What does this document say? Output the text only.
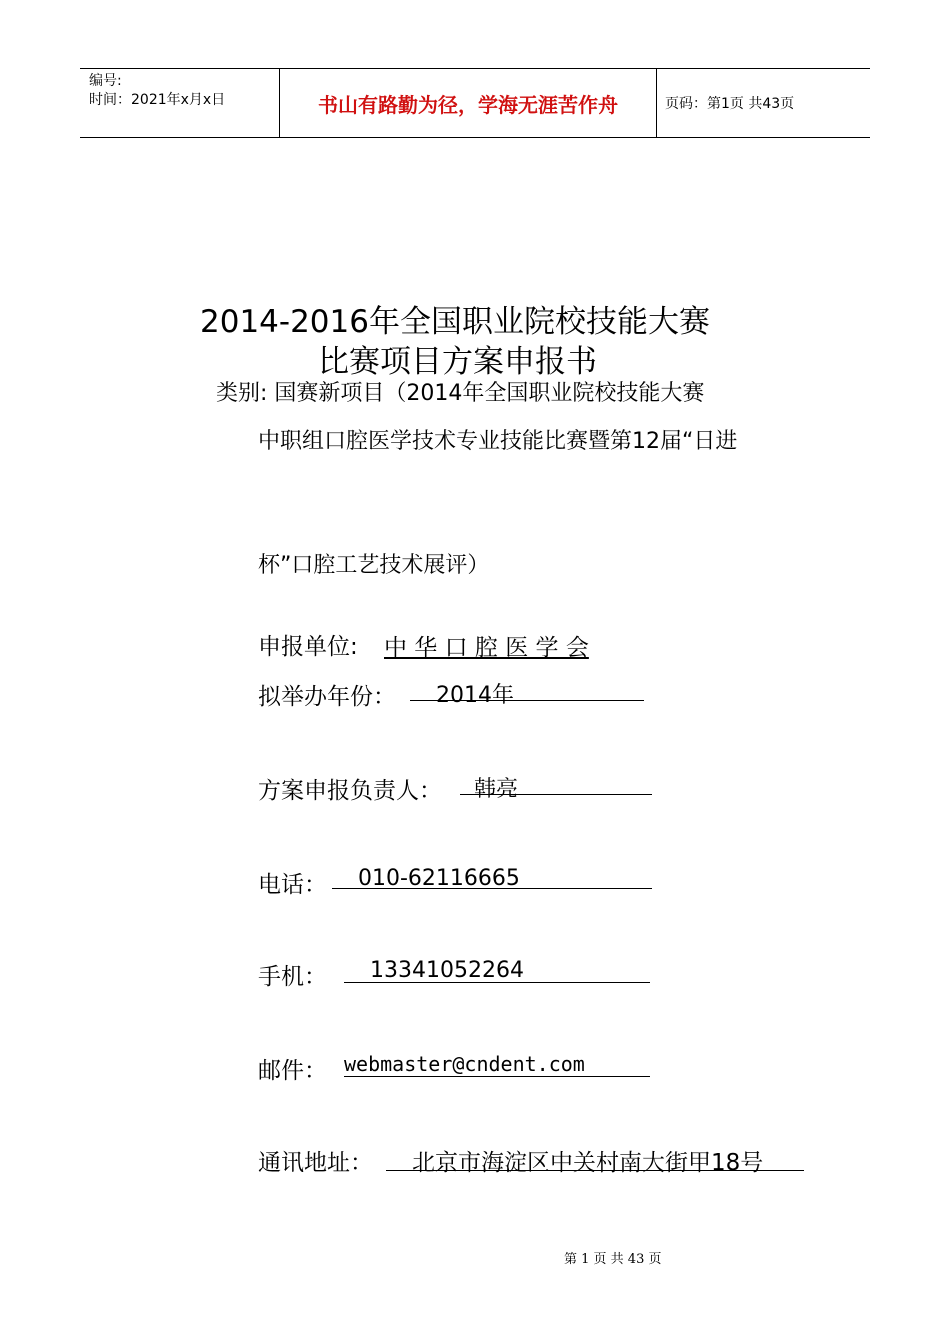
编号:
时间：2021年x月x日	书山有路勤为径，学海无涯苦作舟	页码：第1页 共43页
2014-2016年全国职业院校技能大赛
比赛项目方案申报书
类别: 国赛新项目（2014年全国职业院校技能大赛
中职组口腔医学技术专业技能比赛暨第12届“日进
杯”口腔工艺技术展评）
申报单位: 中 华 口 腔 医 学 会
拟举办年份： 2014年
方案申报负责人： 韩亮
电话： 010-62116665
手机： 13341052264
邮件： webmaster@cndent.com
通讯地址： 北京市海淀区中关村南大街甲18号
第 1 页 共 43 页
